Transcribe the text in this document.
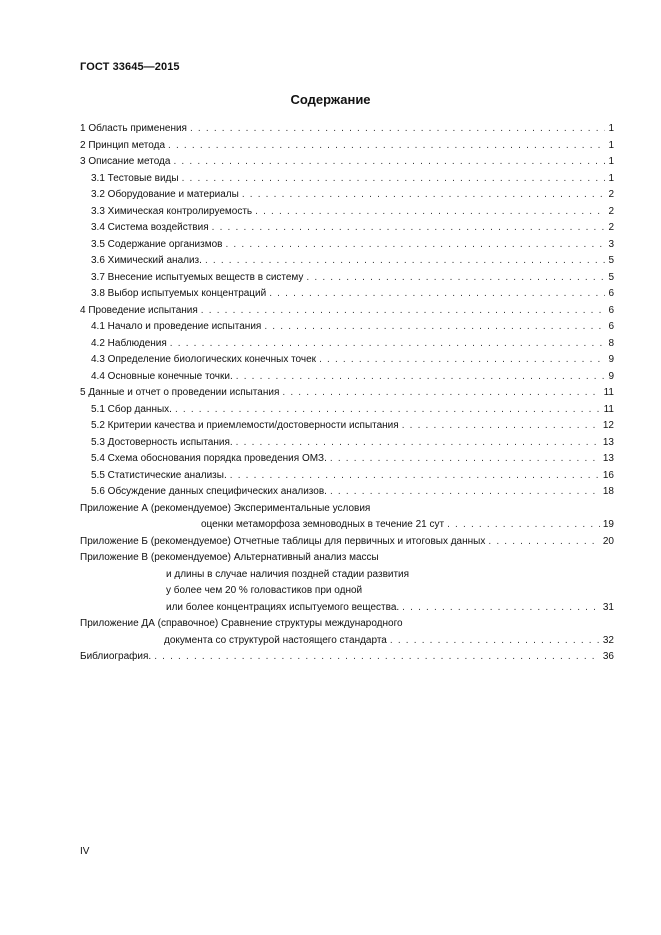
ГОСТ 33645—2015
Содержание
1 Область применения . . .	1
2 Принцип метода . . .	1
3 Описание метода . . .	1
3.1 Тестовые виды . . .	1
3.2 Оборудование и материалы . . .	2
3.3 Химическая контролируемость . . .	2
3.4 Система воздействия . . .	2
3.5 Содержание организмов . . .	3
3.6 Химический анализ. . . .	5
3.7 Внесение испытуемых веществ в систему . . .	5
3.8 Выбор испытуемых концентраций . . .	6
4 Проведение испытания . . .	6
4.1 Начало и проведение испытания . . .	6
4.2 Наблюдения . . .	8
4.3 Определение биологических конечных точек . . .	9
4.4 Основные конечные точки. . . .	9
5 Данные и отчет о проведении испытания . . .	11
5.1 Сбор данных. . . .	11
5.2 Критерии качества и приемлемости/достоверности испытания . . .	12
5.3 Достоверность испытания. . . .	13
5.4 Схема обоснования порядка проведения ОМЗ. . . .	13
5.5 Статистические анализы. . . .	16
5.6 Обсуждение данных специфических анализов. . . .	18
Приложение А (рекомендуемое) Экспериментальные условия
оценки метаморфоза земноводных в течение 21 сут . . .	19
Приложение Б (рекомендуемое) Отчетные таблицы для первичных и итоговых данных . . .	20
Приложение В (рекомендуемое) Альтернативный анализ массы
и длины в случае наличия поздней стадии развития
у более чем 20 % головастиков при одной
или более концентрациях испытуемого вещества. . . .	31
Приложение ДА (справочное) Сравнение структуры международного
документа со структурой настоящего стандарта . . .	32
Библиография. . . .	36
IV
